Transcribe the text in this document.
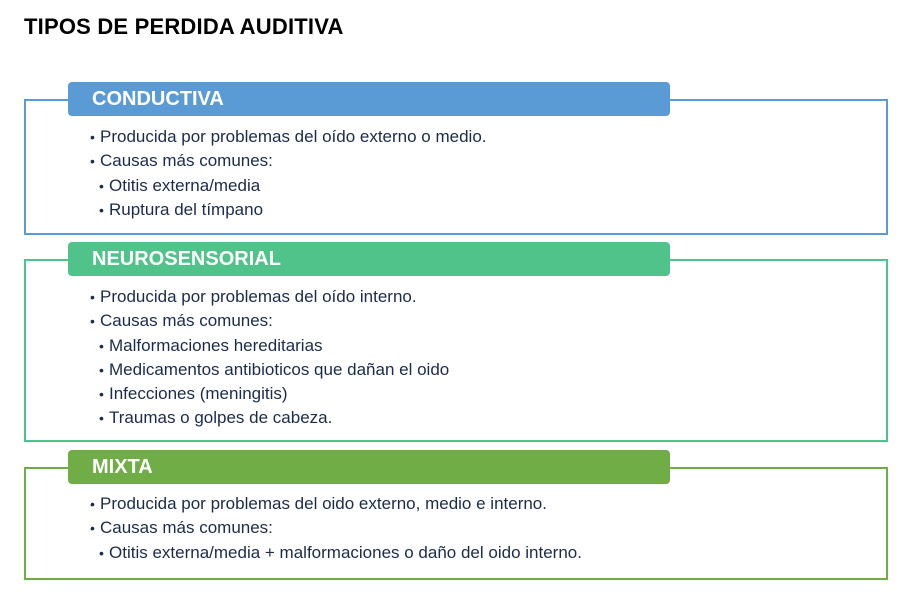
TIPOS DE PERDIDA AUDITIVA
CONDUCTIVA
• Producida por problemas del oído externo o medio.
• Causas más comunes:
• Otitis externa/media
• Ruptura del tímpano
NEUROSENSORIAL
• Producida por problemas del oído interno.
• Causas más comunes:
• Malformaciones hereditarias
• Medicamentos antibioticos que dañan el oido
• Infecciones (meningitis)
• Traumas o golpes de cabeza.
MIXTA
• Producida por problemas del oido externo, medio e interno.
• Causas más comunes:
• Otitis externa/media + malformaciones o daño del oido interno.
